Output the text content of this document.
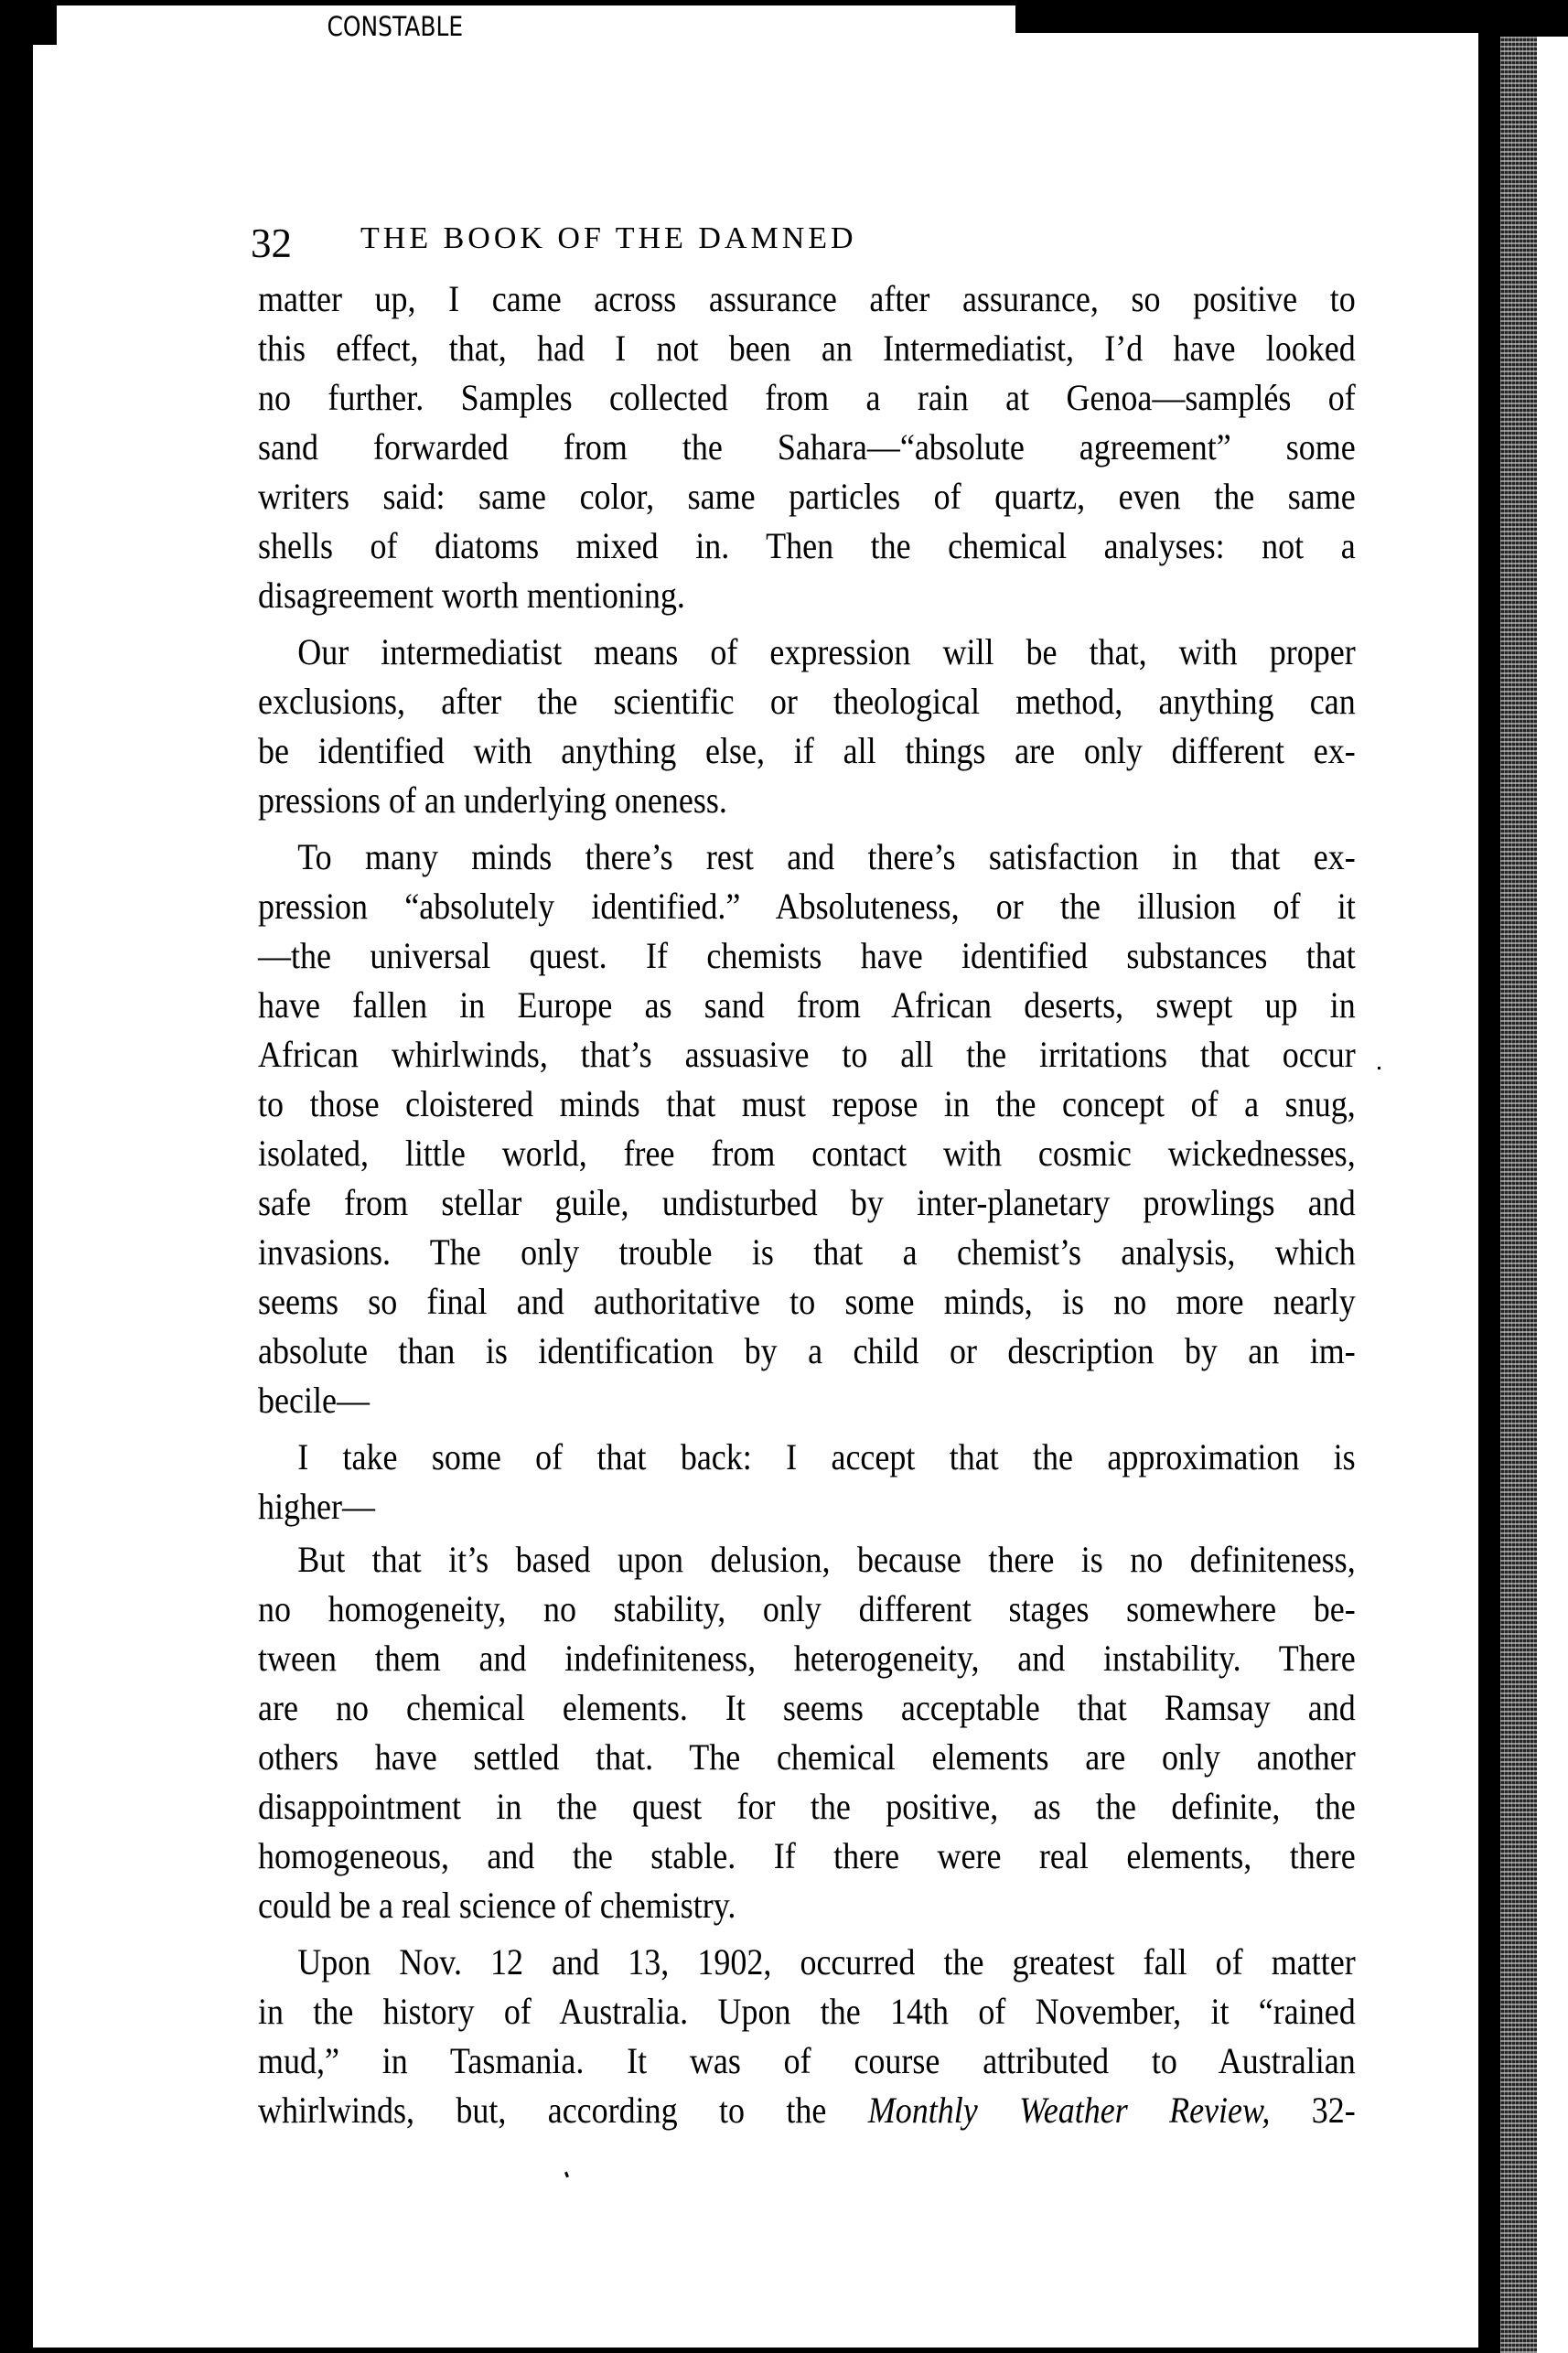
CONSTABLE
32 THE BOOK OF THE DAMNED
matter up, I came across assurance after assurance, so positive to
this effect, that, had I not been an Intermediatist, I’d have looked
no further. Samples collected from a rain at Genoa—samplés of
sand forwarded from the Sahara—“absolute agreement” some
writers said: same color, same particles of quartz, even the same
shells of diatoms mixed in. Then the chemical analyses: not a
disagreement worth mentioning.
Our intermediatist means of expression will be that, with proper
exclusions, after the scientific or theological method, anything can
be identified with anything else, if all things are only different ex-
pressions of an underlying oneness.
To many minds there’s rest and there’s satisfaction in that ex-
pression “absolutely identified.” Absoluteness, or the illusion of it
—the universal quest. If chemists have identified substances that
have fallen in Europe as sand from African deserts, swept up in
African whirlwinds, that’s assuasive to all the irritations that occur
to those cloistered minds that must repose in the concept of a snug,
isolated, little world, free from contact with cosmic wickednesses,
safe from stellar guile, undisturbed by inter-planetary prowlings and
invasions. The only trouble is that a chemist’s analysis, which
seems so final and authoritative to some minds, is no more nearly
absolute than is identification by a child or description by an im-
becile—
I take some of that back: I accept that the approximation is
higher—
But that it’s based upon delusion, because there is no definiteness,
no homogeneity, no stability, only different stages somewhere be-
tween them and indefiniteness, heterogeneity, and instability. There
are no chemical elements. It seems acceptable that Ramsay and
others have settled that. The chemical elements are only another
disappointment in the quest for the positive, as the definite, the
homogeneous, and the stable. If there were real elements, there
could be a real science of chemistry.
Upon Nov. 12 and 13, 1902, occurred the greatest fall of matter
in the history of Australia. Upon the 14th of November, it “rained
mud,” in Tasmania. It was of course attributed to Australian
whirlwinds, but, according to the Monthly Weather Review, 32-
